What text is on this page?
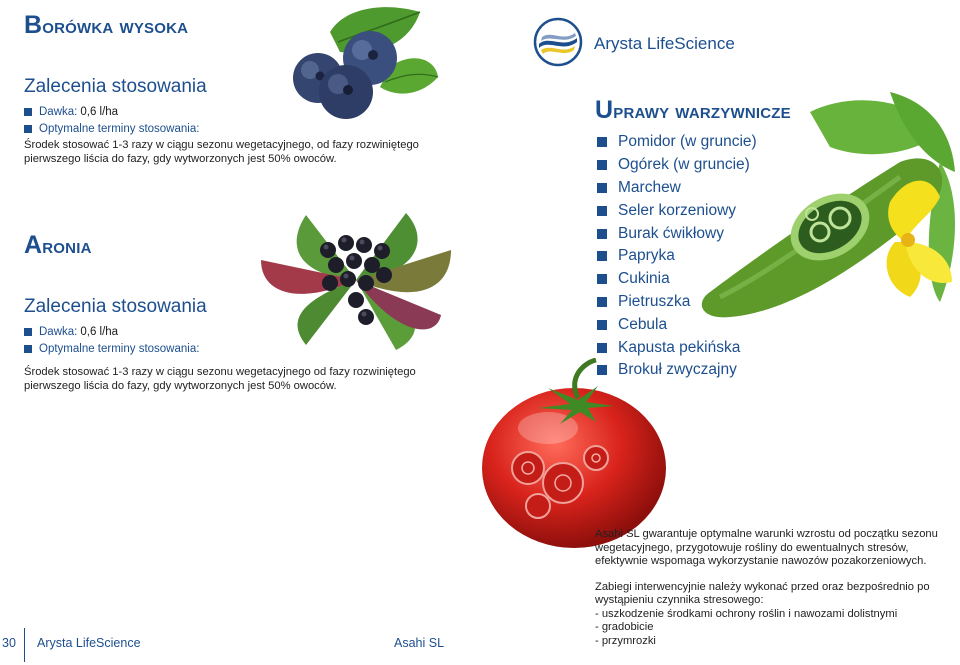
Borówka wysoka
Zalecenia stosowania
Dawka: 0,6 l/ha
Optymalne terminy stosowania:
Środek stosować 1-3 razy w ciągu sezonu wegetacyjnego, od fazy rozwiniętego pierwszego liścia do fazy, gdy wytworzonych jest 50% owoców.
Aronia
Zalecenia stosowania
Dawka: 0,6 l/ha
Optymalne terminy stosowania:
Środek stosować 1-3 razy w ciągu sezonu wegetacyjnego od fazy rozwiniętego pierwszego liścia do fazy, gdy wytworzonych jest 50% owoców.
30 Arysta LifeScience	Asahi SL
Arysta LifeScience
Uprawy warzywnicze
Pomidor (w gruncie)
Ogórek (w gruncie)
Marchew
Seler korzeniowy
Burak ćwikłowy
Papryka
Cukinia
Pietruszka
Cebula
Kapusta pekińska
Brokuł zwyczajny

Asahi SL gwarantuje optymalne warunki wzrostu od początku sezonu wegetacyjnego, przygotowuje rośliny do ewentualnych stresów, efektywnie wspomaga wykorzystanie nawozów pozakorzeniowych.

Zabiegi interwencyjnie należy wykonać przed oraz bezpośrednio po wystąpieniu czynnika stresowego:

- uszkodzenie środkami ochrony roślin i nawozami dolistnymi
- gradobicie
- przymrozki
